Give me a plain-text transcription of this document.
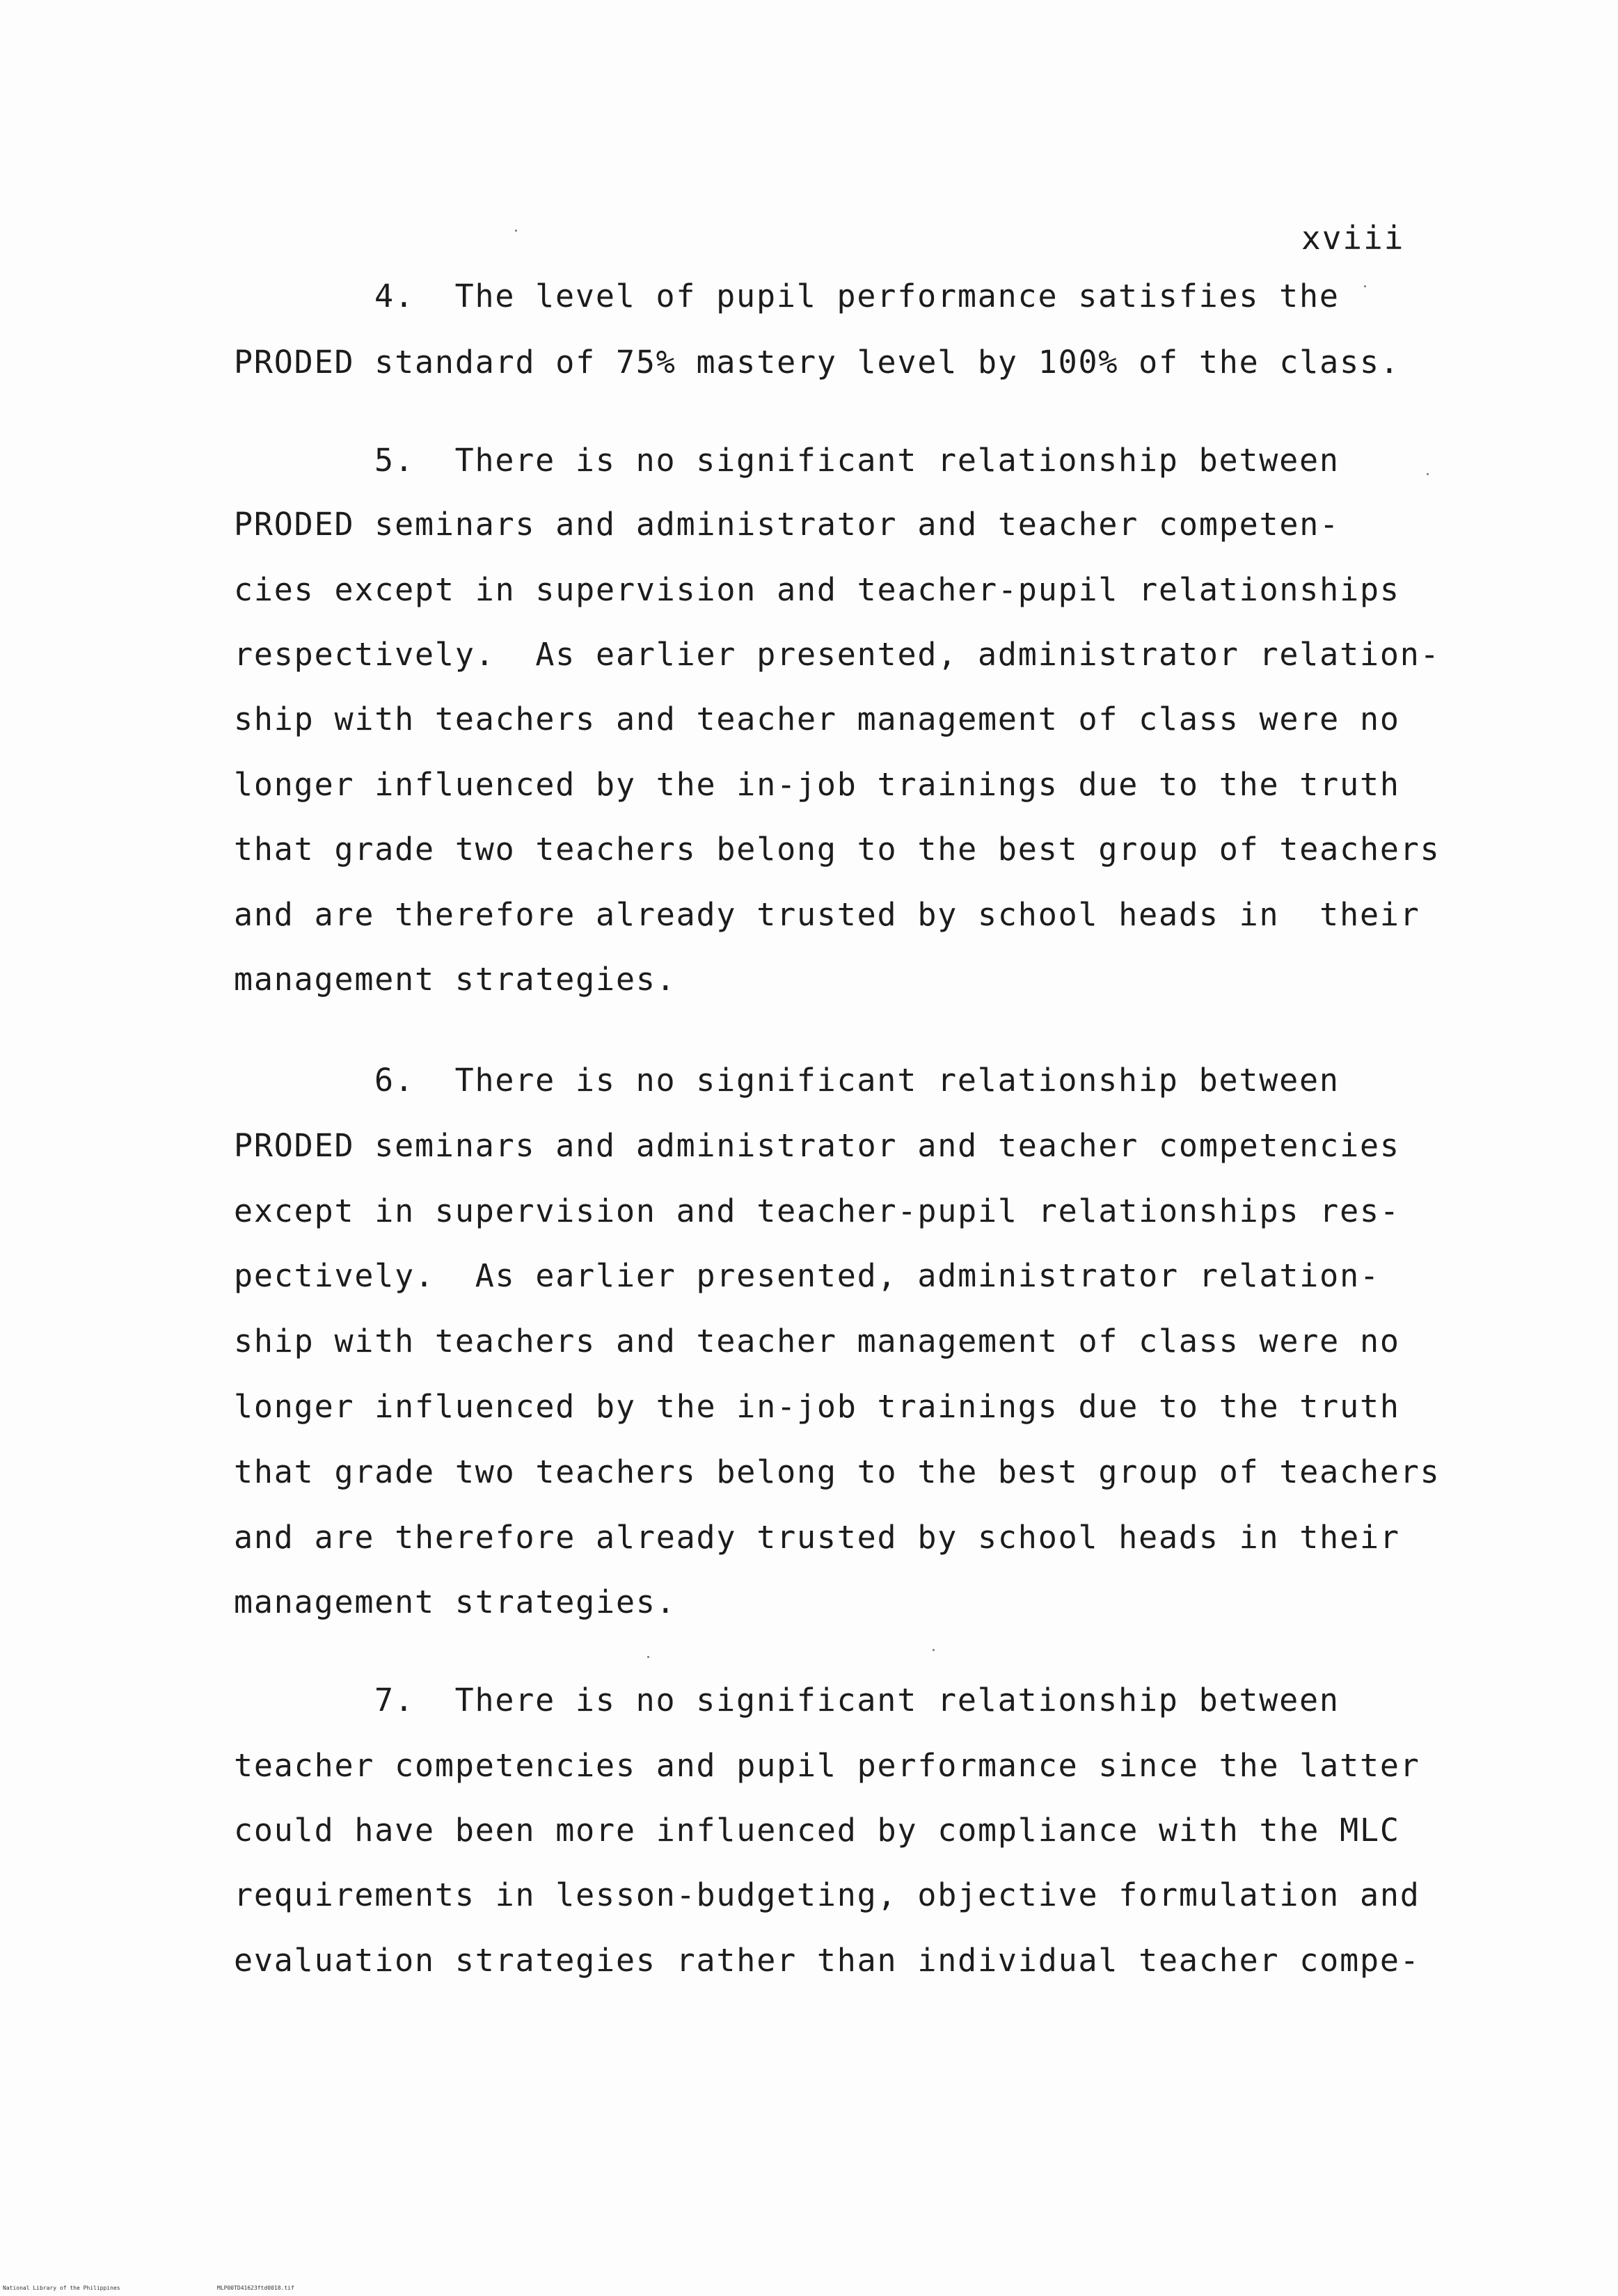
xviii
4.  The level of pupil performance satisfies the
PRODED standard of 75% mastery level by 100% of the class.
5.  There is no significant relationship between
PRODED seminars and administrator and teacher competen-
cies except in supervision and teacher-pupil relationships
respectively.  As earlier presented, administrator relation-
ship with teachers and teacher management of class were no
longer influenced by the in-job trainings due to the truth
that grade two teachers belong to the best group of teachers
and are therefore already trusted by school heads in  their
management strategies.
6.  There is no significant relationship between
PRODED seminars and administrator and teacher competencies
except in supervision and teacher-pupil relationships res-
pectively.  As earlier presented, administrator relation-
ship with teachers and teacher management of class were no
longer influenced by the in-job trainings due to the truth
that grade two teachers belong to the best group of teachers
and are therefore already trusted by school heads in their
management strategies.
7.  There is no significant relationship between
teacher competencies and pupil performance since the latter
could have been more influenced by compliance with the MLC
requirements in lesson-budgeting, objective formulation and
evaluation strategies rather than individual teacher compe-
National Library of the Philippines	MLP00TD41623ftd0018.tif
